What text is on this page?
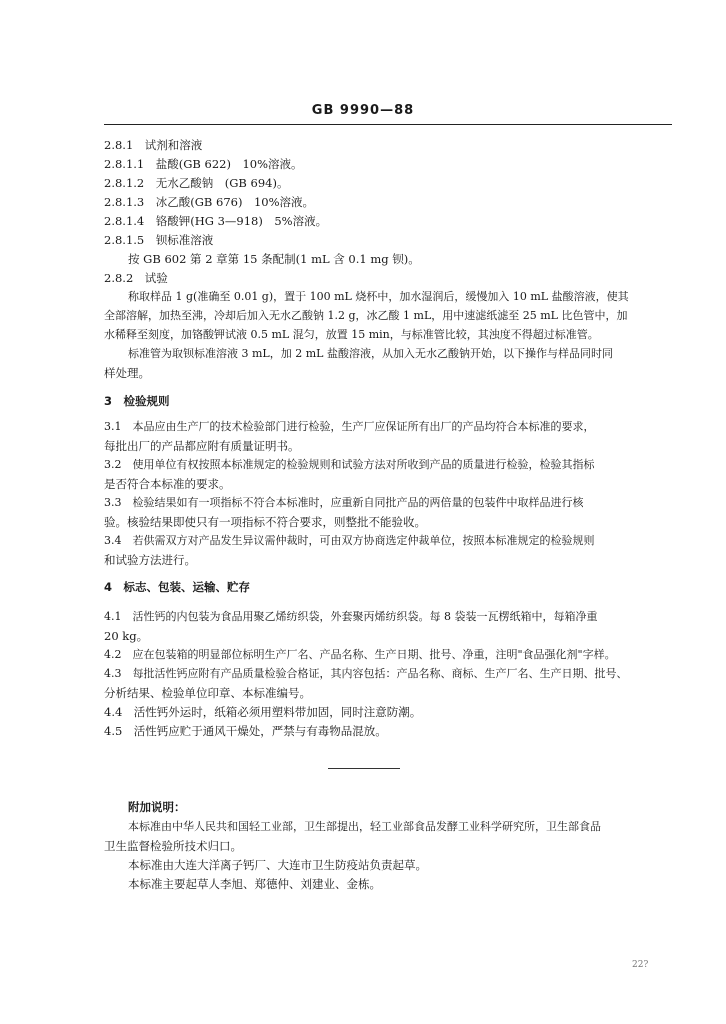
GB 9990—88
2.8.1　试剂和溶液
2.8.1.1　盐酸(GB 622)　10%溶液。
2.8.1.2　无水乙酸钠　(GB 694)。
2.8.1.3　冰乙酸(GB 676)　10%溶液。
2.8.1.4　铬酸钾(HG 3—918)　5%溶液。
2.8.1.5　钡标准溶液
按 GB 602 第 2 章第 15 条配制(1 mL 含 0.1 mg 钡)。
2.8.2　试验
称取样品 1 g(准确至 0.01 g)，置于 100 mL 烧杯中，加水湿润后，缓慢加入 10 mL 盐酸溶液，使其
全部溶解，加热至沸，冷却后加入无水乙酸钠 1.2 g，冰乙酸 1 mL，用中速滤纸滤至 25 mL 比色管中，加
水稀释至刻度，加铬酸钾试液 0.5 mL 混匀，放置 15 min，与标准管比较，其浊度不得超过标准管。
标准管为取钡标准溶液 3 mL，加 2 mL 盐酸溶液，从加入无水乙酸钠开始，以下操作与样品同时同
样处理。
3　检验规则
3.1　本品应由生产厂的技术检验部门进行检验，生产厂应保证所有出厂的产品均符合本标准的要求，
每批出厂的产品都应附有质量证明书。
3.2　使用单位有权按照本标准规定的检验规则和试验方法对所收到产品的质量进行检验，检验其指标
是否符合本标准的要求。
3.3　检验结果如有一项指标不符合本标准时，应重新自同批产品的两倍量的包装件中取样品进行核
验。核验结果即使只有一项指标不符合要求，则整批不能验收。
3.4　若供需双方对产品发生异议需仲裁时，可由双方协商选定仲裁单位，按照本标准规定的检验规则
和试验方法进行。
4　标志、包装、运输、贮存
4.1　活性钙的内包装为食品用聚乙烯纺织袋，外套聚丙烯纺织袋。每 8 袋装一瓦楞纸箱中，每箱净重
20 kg。
4.2　应在包装箱的明显部位标明生产厂名、产品名称、生产日期、批号、净重，注明"食品强化剂"字样。
4.3　每批活性钙应附有产品质量检验合格证，其内容包括：产品名称、商标、生产厂名、生产日期、批号、
分析结果、检验单位印章、本标准编号。
4.4　活性钙外运时，纸箱必须用塑料带加固，同时注意防潮。
4.5　活性钙应贮于通风干燥处，严禁与有毒物品混放。
附加说明：
本标准由中华人民共和国轻工业部，卫生部提出，轻工业部食品发酵工业科学研究所，卫生部食品
卫生监督检验所技术归口。
本标准由大连大洋离子钙厂、大连市卫生防疫站负责起草。
本标准主要起草人李旭、郑德仲、刘建业、金栋。
22?
